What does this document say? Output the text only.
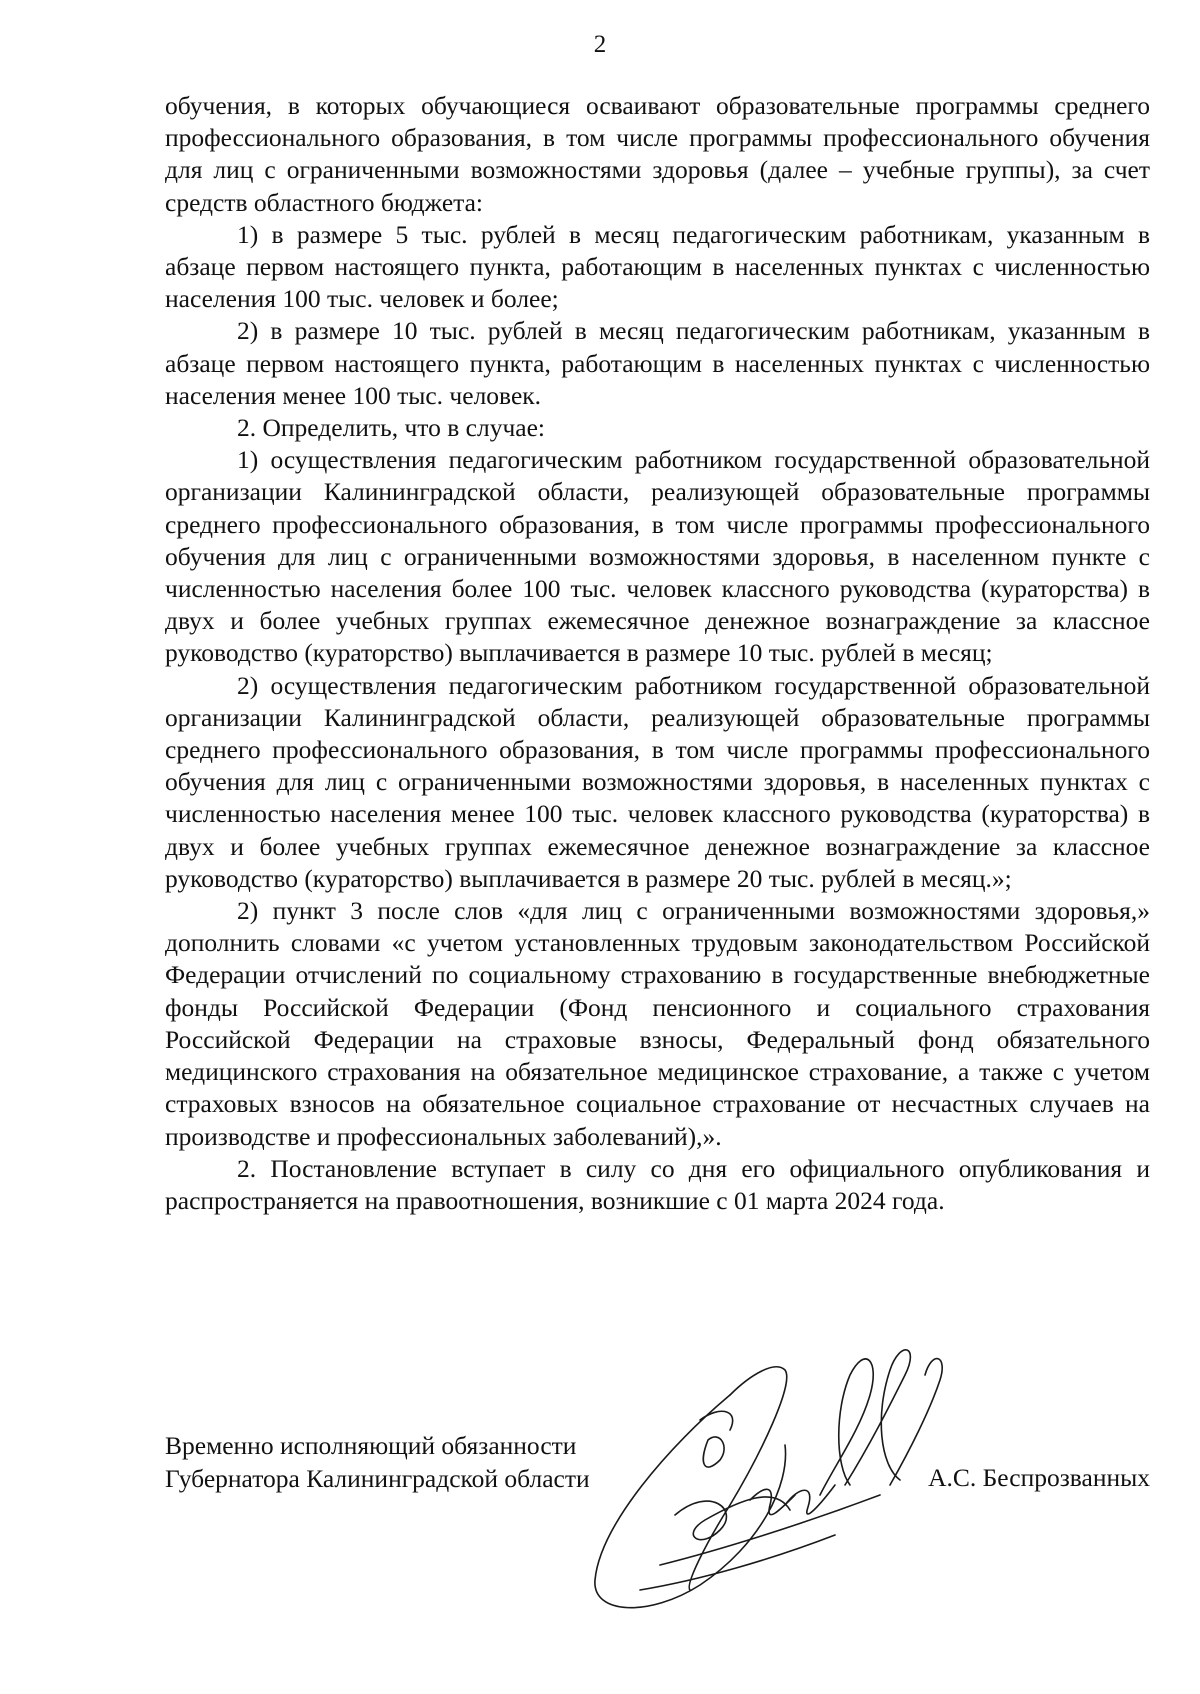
2

обучения, в которых обучающиеся осваивают образовательные программы среднего профессионального образования, в том числе программы профессионального обучения для лиц с ограниченными возможностями здоровья (далее – учебные группы), за счет средств областного бюджета:

1) в размере 5 тыс. рублей в месяц педагогическим работникам, указанным в абзаце первом настоящего пункта, работающим в населенных пунктах с численностью населения 100 тыс. человек и более;

2) в размере 10 тыс. рублей в месяц педагогическим работникам, указанным в абзаце первом настоящего пункта, работающим в населенных пунктах с численностью населения менее 100 тыс. человек.

2. Определить, что в случае:

1) осуществления педагогическим работником государственной образовательной организации Калининградской области, реализующей образовательные программы среднего профессионального образования, в том числе программы профессионального обучения для лиц с ограниченными возможностями здоровья, в населенном пункте с численностью населения более 100 тыс. человек классного руководства (кураторства) в двух и более учебных группах ежемесячное денежное вознаграждение за классное руководство (кураторство) выплачивается в размере 10 тыс. рублей в месяц;

2) осуществления педагогическим работником государственной образовательной организации Калининградской области, реализующей образовательные программы среднего профессионального образования, в том числе программы профессионального обучения для лиц с ограниченными возможностями здоровья, в населенных пунктах с численностью населения менее 100 тыс. человек классного руководства (кураторства) в двух и более учебных группах ежемесячное денежное вознаграждение за классное руководство (кураторство) выплачивается в размере 20 тыс. рублей в месяц.»;

2) пункт 3 после слов «для лиц с ограниченными возможностями здоровья,» дополнить словами «с учетом установленных трудовым законодательством Российской Федерации отчислений по социальному страхованию в государственные внебюджетные фонды Российской Федерации (Фонд пенсионного и социального страхования Российской Федерации на страховые взносы, Федеральный фонд обязательного медицинского страхования на обязательное медицинское страхование, а также с учетом страховых взносов на обязательное социальное страхование от несчастных случаев на производстве и профессиональных заболеваний),».

2. Постановление вступает в силу со дня его официального опубликования и распространяется на правоотношения, возникшие с 01 марта 2024 года.

Временно исполняющий обязанности
Губернатора Калининградской области	А.С. Беспрозванных
